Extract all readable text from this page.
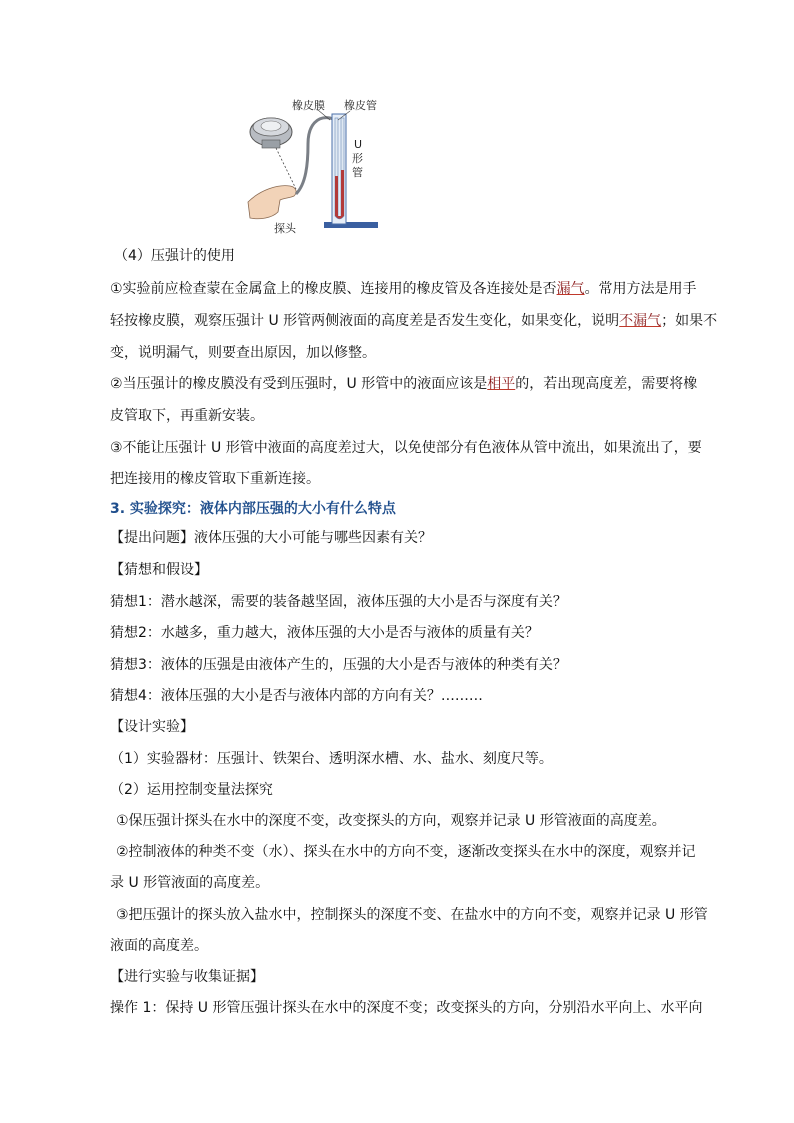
橡皮膜 橡皮管
U
形
管
探头
（4）压强计的使用
①实验前应检查蒙在金属盒上的橡皮膜、连接用的橡皮管及各连接处是否漏气。常用方法是用手
轻按橡皮膜，观察压强计 U 形管两侧液面的高度差是否发生变化，如果变化，说明不漏气；如果不
变，说明漏气，则要查出原因，加以修整。
②当压强计的橡皮膜没有受到压强时，U 形管中的液面应该是相平的，若出现高度差，需要将橡
皮管取下，再重新安装。
③不能让压强计 U 形管中液面的高度差过大，以免使部分有色液体从管中流出，如果流出了，要
把连接用的橡皮管取下重新连接。
3. 实验探究：液体内部压强的大小有什么特点
【提出问题】液体压强的大小可能与哪些因素有关？
【猜想和假设】
猜想1：潜水越深，需要的装备越坚固，液体压强的大小是否与深度有关？
猜想2：水越多，重力越大，液体压强的大小是否与液体的质量有关？
猜想3：液体的压强是由液体产生的，压强的大小是否与液体的种类有关？
猜想4：液体压强的大小是否与液体内部的方向有关？………
【设计实验】
（1）实验器材：压强计、铁架台、透明深水槽、水、盐水、刻度尺等。
（2）运用控制变量法探究
①保压强计探头在水中的深度不变，改变探头的方向，观察并记录 U 形管液面的高度差。
②控制液体的种类不变（水）、探头在水中的方向不变，逐渐改变探头在水中的深度，观察并记
录 U 形管液面的高度差。
③把压强计的探头放入盐水中，控制探头的深度不变、在盐水中的方向不变，观察并记录 U 形管
液面的高度差。
【进行实验与收集证据】
操作 1：保持 U 形管压强计探头在水中的深度不变；改变探头的方向，分别沿水平向上、水平向
